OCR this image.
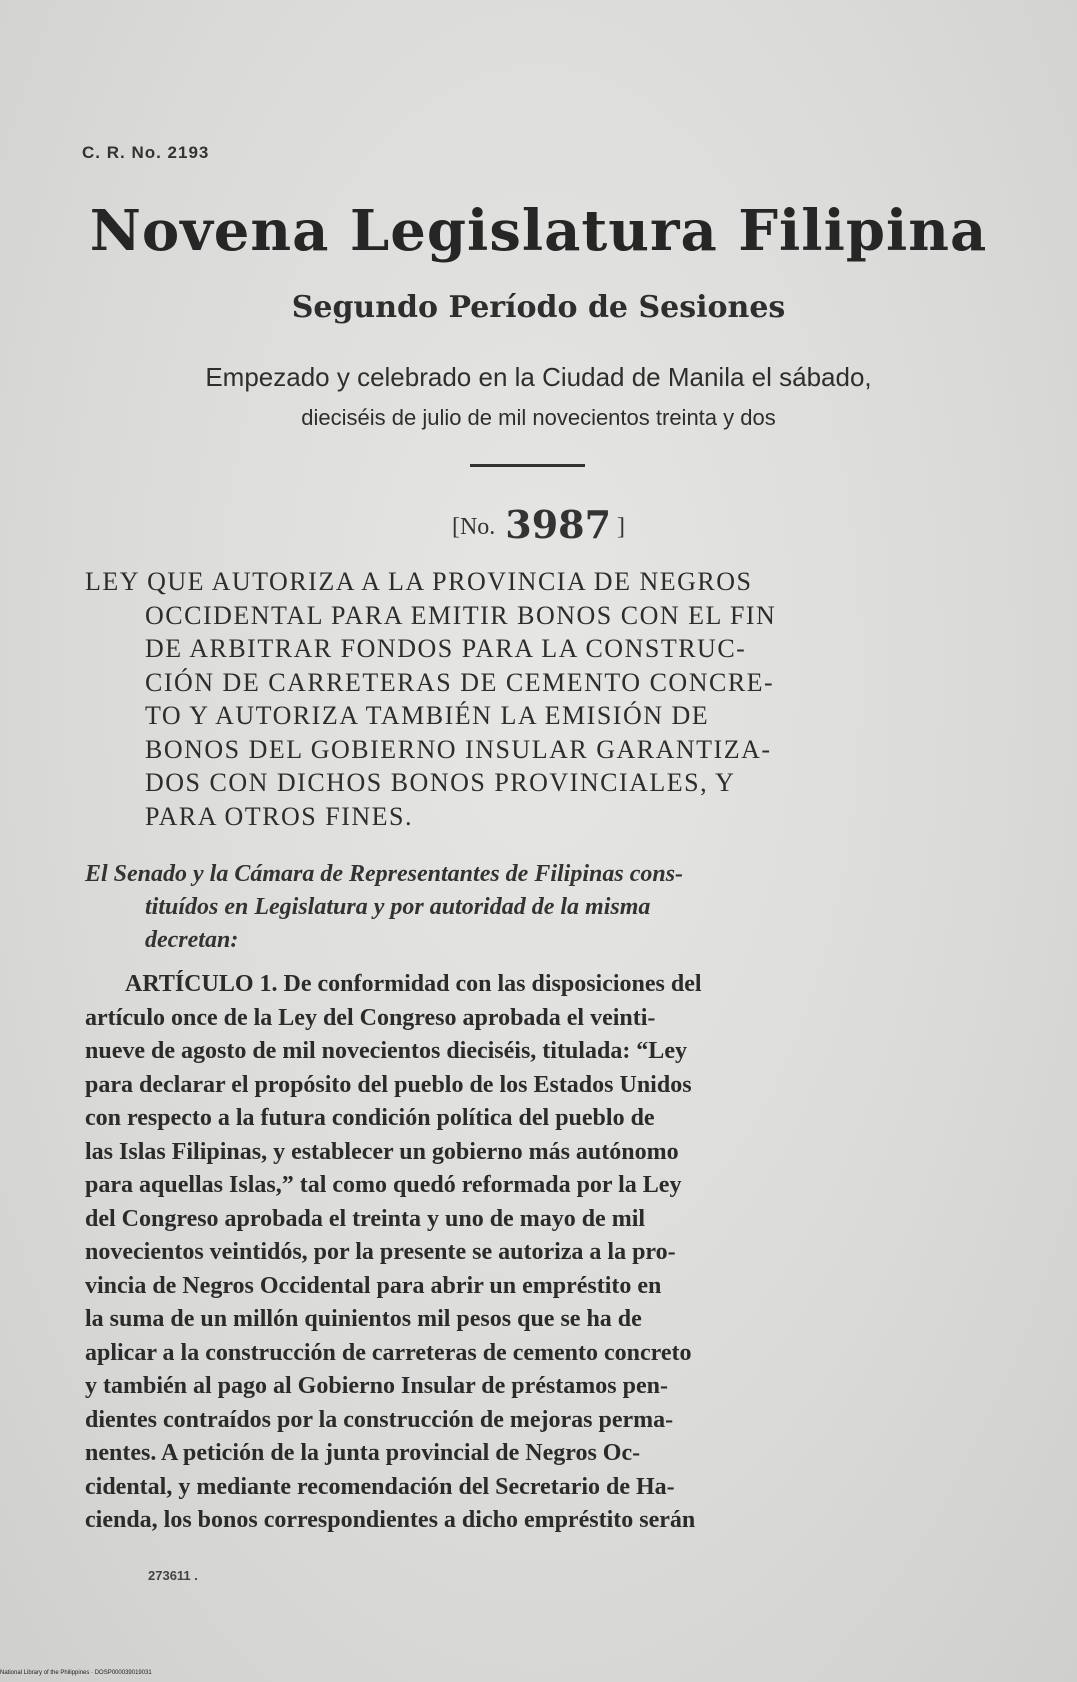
C. R. No. 2193
Novena Legislatura Filipina
Segundo Período de Sesiones
Empezado y celebrado en la Ciudad de Manila el sábado,
dieciséis de julio de mil novecientos treinta y dos
[No. 3987 ]
LEY QUE AUTORIZA A LA PROVINCIA DE NEGROS
OCCIDENTAL PARA EMITIR BONOS CON EL FIN
DE ARBITRAR FONDOS PARA LA CONSTRUC-
CIÓN DE CARRETERAS DE CEMENTO CONCRE-
TO Y AUTORIZA TAMBIÉN LA EMISIÓN DE
BONOS DEL GOBIERNO INSULAR GARANTIZA-
DOS CON DICHOS BONOS PROVINCIALES, Y
PARA OTROS FINES.
El Senado y la Cámara de Representantes de Filipinas cons-
tituídos en Legislatura y por autoridad de la misma
decretan:
ARTÍCULO 1. De conformidad con las disposiciones del
artículo once de la Ley del Congreso aprobada el veinti-
nueve de agosto de mil novecientos dieciséis, titulada: “Ley
para declarar el propósito del pueblo de los Estados Unidos
con respecto a la futura condición política del pueblo de
las Islas Filipinas, y establecer un gobierno más autónomo
para aquellas Islas,” tal como quedó reformada por la Ley
del Congreso aprobada el treinta y uno de mayo de mil
novecientos veintidós, por la presente se autoriza a la pro-
vincia de Negros Occidental para abrir un empréstito en
la suma de un millón quinientos mil pesos que se ha de
aplicar a la construcción de carreteras de cemento concreto
y también al pago al Gobierno Insular de préstamos pen-
dientes contraídos por la construcción de mejoras perma-
nentes. A petición de la junta provincial de Negros Oc-
cidental, y mediante recomendación del Secretario de Ha-
cienda, los bonos correspondientes a dicho empréstito serán
273611 .
National Library of the Philippines · DOSP000039019031
